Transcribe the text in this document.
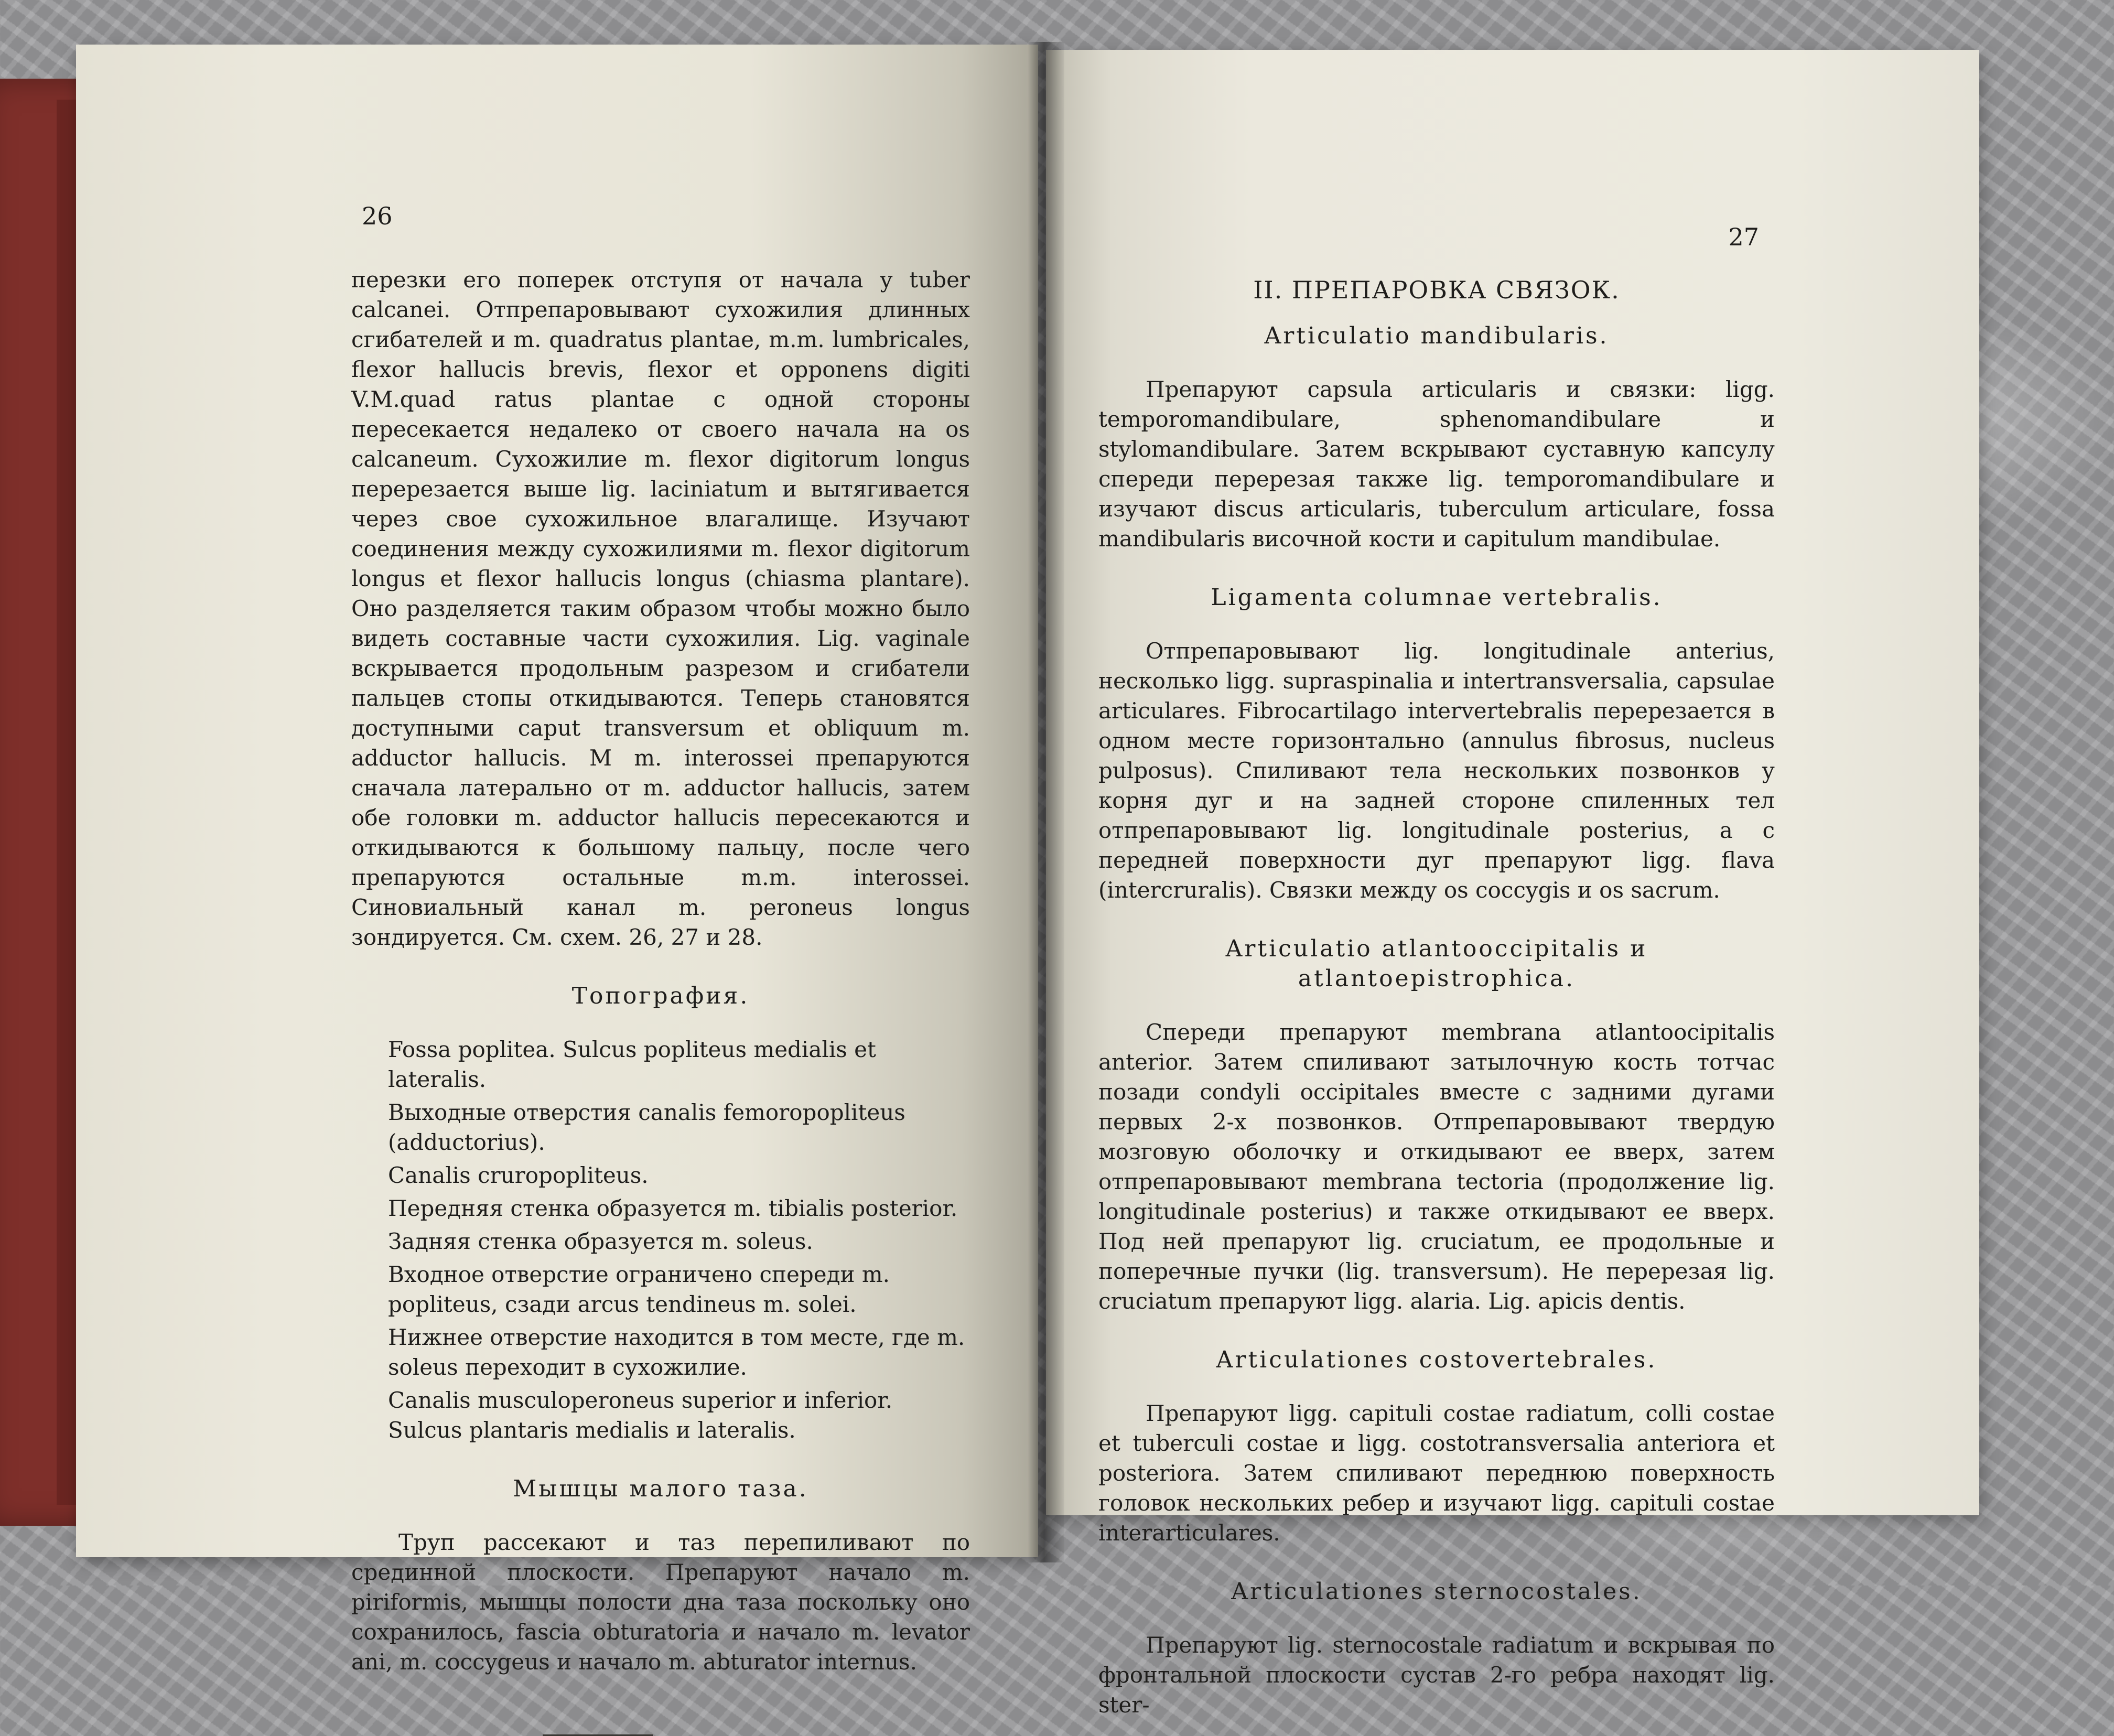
26

перезки его поперек отступя от начала у tuber calcanei. Отпрепаровывают сухожилия длинных сгибателей и m. quadratus plantae, m.m. lumbricales, flexor hallucis brevis, flexor et opponens digiti V.M.quad ratus plantae с одной стороны пересекается недалеко от своего начала на os calcaneum. Сухожилие m. flexor digitorum longus перерезается выше lig. laciniatum и вытягивается через свое сухожильное влагалище. Изучают соединения между сухожилиями m. flexor digitorum longus et flexor hallucis longus (chiasma plantare). Оно разделяется таким образом чтобы можно было видеть составные части сухожилия. Lig. vaginale вскрывается продольным разрезом и сгибатели пальцев стопы откидываются. Теперь становятся доступными caput transversum et obliquum m. adductor hallucis. M m. interossei препаруются сначала латерально от m. adductor hallucis, затем обе головки m. adductor hallucis пересекаются и откидываются к большому пальцу, после чего препаруются остальные m.m. interossei. Синовиальный канал m. peroneus longus зондируется. См. схем. 26, 27 и 28.

Топография.

Fossa poplitea. Sulcus popliteus medialis et lateralis.

Выходные отверстия canalis femoropopliteus (adductorius).

Canalis cruropopliteus.

Передняя стенка образуется m. tibialis posterior.

Задняя стенка образуется m. soleus.

Входное отверстие ограничено спереди m. popliteus, сзади arcus tendineus m. solei.

Нижнее отверстие находится в том месте, где m. soleus переходит в сухожилие.

Canalis musculoperoneus superior и inferior. Sulcus plantaris medialis и lateralis.

Мышцы малого таза.

Труп рассекают и таз перепиливают по срединной плоскости. Препаруют начало m. piriformis, мышцы полости дна таза поскольку оно сохранилось, fascia obturatoria и начало m. levator ani, m. coccygeus и начало m. abturator internus.

27
II. ПРЕПАРОВКА СВЯЗОК.
Articulatio mandibularis.

Препаруют capsula articularis и связки: ligg. temporomandibulare, sphenomandibulare и stylomandibulare. Затем вскрывают суставную капсулу спереди перерезая также lig. temporomandibulare и изучают discus articularis, tuberculum articulare, fossa mandibularis височной кости и capitulum mandibulae.

Ligamenta columnae vertebralis.

Отпрепаровывают lig. longitudinale anterius, несколько ligg. supraspinalia и intertransversalia, capsulae articulares. Fibrocartilago intervertebralis перерезается в одном месте горизонтально (annulus fibrosus, nucleus pulposus). Спиливают тела нескольких позвонков у корня дуг и на задней стороне спиленных тел отпрепаровывают lig. longitudinale posterius, а с передней поверхности дуг препаруют ligg. flava (intercruralis). Связки между os coccygis и os sacrum.

Articulatio atlantooccipitalis и atlantoepistrophica.

Спереди препаруют membrana atlantoocipitalis anterior. Затем спиливают затылочную кость тотчас позади condyli occipitales вместе с задними дугами первых 2-х позвонков. Отпрепаровывают твердую мозговую оболочку и откидывают ее вверх, затем отпрепаровывают membrana tectoria (продолжение lig. longitudinale posterius) и также откидывают ее вверх. Под ней препаруют lig. cruciatum, ее продольные и поперечные пучки (lig. transversum). Не перерезая lig. cruciatum препаруют ligg. alaria. Lig. apicis dentis.

Articulationes costovertebrales.

Препаруют ligg. capituli costae radiatum, colli costae et tuberculi costae и ligg. costotransversalia anteriora et posteriora. Затем спиливают переднюю поверхность головок нескольких ребер и изучают ligg. capituli costae interarticulares.

Articulationes sternocostales.

Препаруют lig. sternocostale radiatum и вскрывая по фронтальной плоскости сустав 2-го ребра находят lig. ster-
